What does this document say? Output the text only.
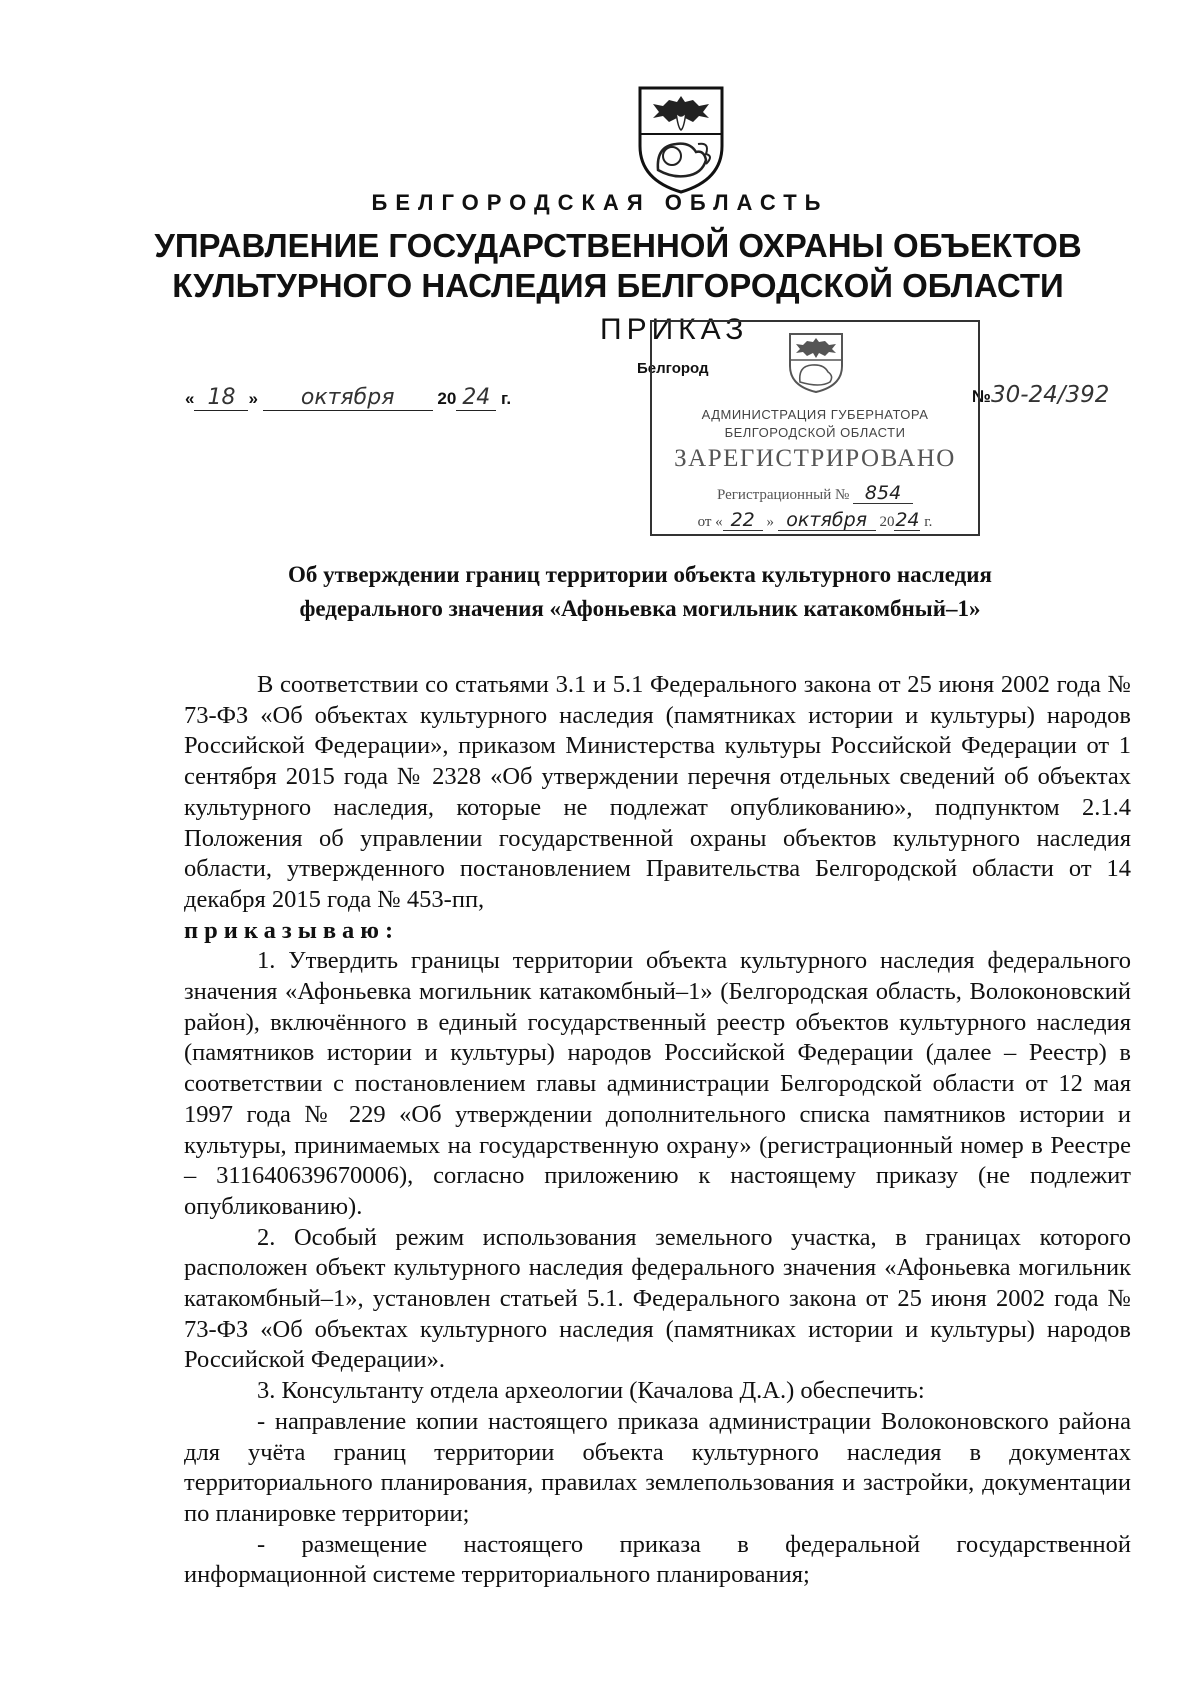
БЕЛГОРОДСКАЯ ОБЛАСТЬ
УПРАВЛЕНИЕ ГОСУДАРСТВЕННОЙ ОХРАНЫ ОБЪЕКТОВ
КУЛЬТУРНОГО НАСЛЕДИЯ БЕЛГОРОДСКОЙ ОБЛАСТИ
ПРИКАЗ
Белгород
« 18 » октября	20 24 г.	№30-24/392
АДМИНИСТРАЦИЯ ГУБЕРНАТОРА
БЕЛГОРОДСКОЙ ОБЛАСТИ
ЗАРЕГИСТРИРОВАНО
Регистрационный № 854
от « 22 » октября 2024 г.
Об утверждении границ территории объекта культурного наследия
федерального значения «Афоньевка могильник катакомбный–1»

В соответствии со статьями 3.1 и 5.1 Федерального закона от 25 июня 2002 года № 73-ФЗ «Об объектах культурного наследия (памятниках истории и культуры) народов Российской Федерации», приказом Министерства культуры Российской Федерации от 1 сентября 2015 года № 2328 «Об утверждении перечня отдельных сведений об объектах культурного наследия, которые не подлежат опубликованию», подпунктом 2.1.4 Положения об управлении государственной охраны объектов культурного наследия области, утвержденного постановлением Правительства Белгородской области от 14 декабря 2015 года № 453-пп,

приказываю:

1. Утвердить границы территории объекта культурного наследия федерального значения «Афоньевка могильник катакомбный–1» (Белгородская область, Волоконовский район), включённого в единый государственный реестр объектов культурного наследия (памятников истории и культуры) народов Российской Федерации (далее – Реестр) в соответствии с постановлением главы администрации Белгородской области от 12 мая 1997 года № 229 «Об утверждении дополнительного списка памятников истории и культуры, принимаемых на государственную охрану» (регистрационный номер в Реестре – 311640639670006), согласно приложению к настоящему приказу (не подлежит опубликованию).

2. Особый режим использования земельного участка, в границах которого расположен объект культурного наследия федерального значения «Афоньевка могильник катакомбный–1», установлен статьей 5.1. Федерального закона от 25 июня 2002 года № 73-ФЗ «Об объектах культурного наследия (памятниках истории и культуры) народов Российской Федерации».

3. Консультанту отдела археологии (Качалова Д.А.) обеспечить:

- направление копии настоящего приказа администрации Волоконовского района для учёта границ территории объекта культурного наследия в документах территориального планирования, правилах землепользования и застройки, документации по планировке территории;

- размещение настоящего приказа в федеральной государственной информационной системе территориального планирования;
